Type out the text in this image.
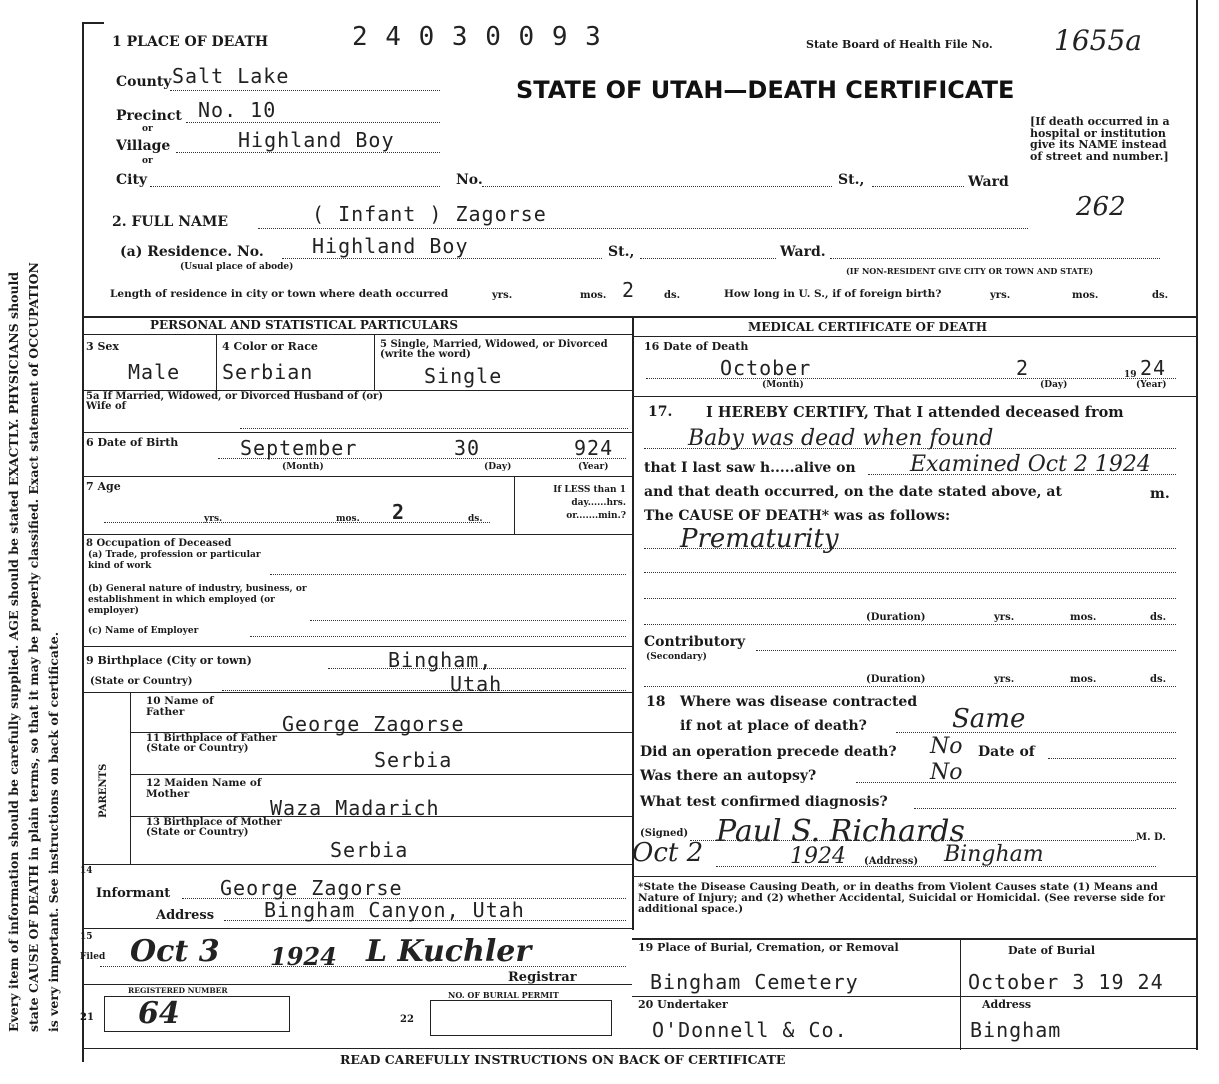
Every item of information should be carefully supplied. AGE should be stated EXACTLY. PHYSICIANS should state CAUSE OF DEATH in plain terms, so that it may be properly classified. Exact statement of OCCUPATION is very important. See instructions on back of certificate.
1 PLACE OF DEATH	2 4 0 3 0 0 9 3	State Board of Health File No. 1655a
STATE OF UTAH—DEATH CERTIFICATE
[If death occurred in a hospital or institution give its NAME instead of street and number.]
262
County Salt Lake
Precinct No. 10
or
Village	Highland Boy
or
City	No.	St.,	Ward
2. FULL NAME	( Infant ) Zagorse
(a) Residence. No. Highland Boy	St.,	Ward.
(Usual place of abode)	(IF NON-RESIDENT GIVE CITY OR TOWN AND STATE)
Length of residence in city or town where death occurred	yrs.	mos. 2	ds.	How long in U. S., if of foreign birth?	yrs.	mos.	ds.
PERSONAL AND STATISTICAL PARTICULARS
3 Sex
Male
4 Color or Race
Serbian
5 Single, Married, Widowed, or Divorced (write the word)
Single
5a If Married, Widowed, or Divorced Husband of (or) Wife of
6 Date of Birth	September	30	924
(Month)	(Day)	(Year)
7 Age
yrs.	mos. 2	ds.
If LESS than 1 day......hrs. or.......min.?
8 Occupation of Deceased
(a) Trade, profession or particular kind of work
(b) General nature of industry, business, or establishment in which employed (or employer)
(c) Name of Employer
9 Birthplace (City or town)	Bingham,
(State or Country)	Utah
PARENTS
10 Name of Father	George Zagorse
11 Birthplace of Father (State or Country)	Serbia
12 Maiden Name of Mother
Waza Madarich
13 Birthplace of Mother (State or Country)
Serbia
14
Informant George Zagorse
Address Bingham Canyon, Utah
15
Filed Oct 3 1924 L Kuchler
Registrar
REGISTERED NUMBER
21 64	22
NO. OF BURIAL PERMIT
MEDICAL CERTIFICATE OF DEATH
16 Date of Death
October	2	19 24
(Month)	(Day)	(Year)
17. I HEREBY CERTIFY, That I attended deceased from
Baby was dead when found
that I last saw h.....alive on Examined Oct 2 1924
and that death occurred, on the date stated above, at	m.
The CAUSE OF DEATH* was as follows:
Prematurity
(Duration)	yrs.	mos.	ds.
Contributory
(Secondary)
(Duration)	yrs.	mos.	ds.
18 Where was disease contracted
if not at place of death?	Same
Did an operation precede death? No Date of
Was there an autopsy?	No
What test confirmed diagnosis?
(Signed) Paul S. Richards	M. D.
Oct 2	1924 (Address) Bingham
*State the Disease Causing Death, or in deaths from Violent Causes state (1) Means and Nature of Injury; and (2) whether Accidental, Suicidal or Homicidal. (See reverse side for additional space.)
19 Place of Burial, Cremation, or Removal
Bingham Cemetery
Date of Burial
October 3 19 24
20 Undertaker
O'Donnell & Co.
Address
Bingham
READ CAREFULLY INSTRUCTIONS ON BACK OF CERTIFICATE
